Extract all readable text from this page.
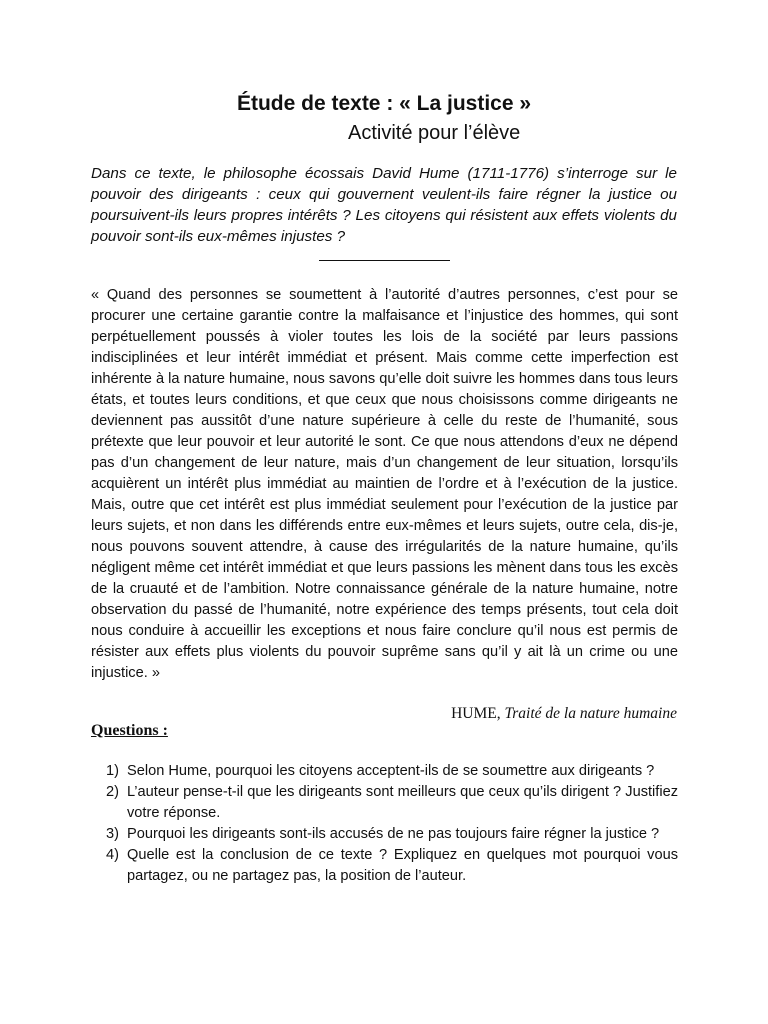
Étude de texte : « La justice »
Activité pour l’élève

Dans ce texte, le philosophe écossais David Hume (1711-1776) s’interroge sur le pouvoir des dirigeants : ceux qui gouvernent veulent-ils faire régner la justice ou poursuivent-ils leurs propres intérêts ? Les citoyens qui résistent aux effets violents du pouvoir sont-ils eux-mêmes injustes ?

« Quand des personnes se soumettent à l’autorité d’autres personnes, c’est pour se procurer une certaine garantie contre la malfaisance et l’injustice des hommes, qui sont perpétuellement poussés à violer toutes les lois de la société par leurs passions indisciplinées et leur intérêt immédiat et présent. Mais comme cette imperfection est inhérente à la nature humaine, nous savons qu’elle doit suivre les hommes dans tous leurs états, et toutes leurs conditions, et que ceux que nous choisissons comme dirigeants ne deviennent pas aussitôt d’une nature supérieure à celle du reste de l’humanité, sous prétexte que leur pouvoir et leur autorité le sont. Ce que nous attendons d’eux ne dépend pas d’un changement de leur nature, mais d’un changement de leur situation, lorsqu’ils acquièrent un intérêt plus immédiat au maintien de l’ordre et à l’exécution de la justice. Mais, outre que cet intérêt est plus immédiat seulement pour l’exécution de la justice par leurs sujets, et non dans les différends entre eux-mêmes et leurs sujets, outre cela, dis-je, nous pouvons souvent attendre, à cause des irrégularités de la nature humaine, qu’ils négligent même cet intérêt immédiat et que leurs passions les mènent dans tous les excès de la cruauté et de l’ambition. Notre connaissance générale de la nature humaine, notre observation du passé de l’humanité, notre expérience des temps présents, tout cela doit nous conduire à accueillir les exceptions et nous faire conclure qu’il nous est permis de résister aux effets plus violents du pouvoir suprême sans qu’il y ait là un crime ou une injustice. »

HUME, Traité de la nature humaine
Questions :
1) Selon Hume, pourquoi les citoyens acceptent-ils de se soumettre aux dirigeants ?
2) L’auteur pense-t-il que les dirigeants sont meilleurs que ceux qu’ils dirigent ? Justifiez votre réponse.
3) Pourquoi les dirigeants sont-ils accusés de ne pas toujours faire régner la justice ?
4) Quelle est la conclusion de ce texte ? Expliquez en quelques mot pourquoi vous partagez, ou ne partagez pas, la position de l’auteur.
